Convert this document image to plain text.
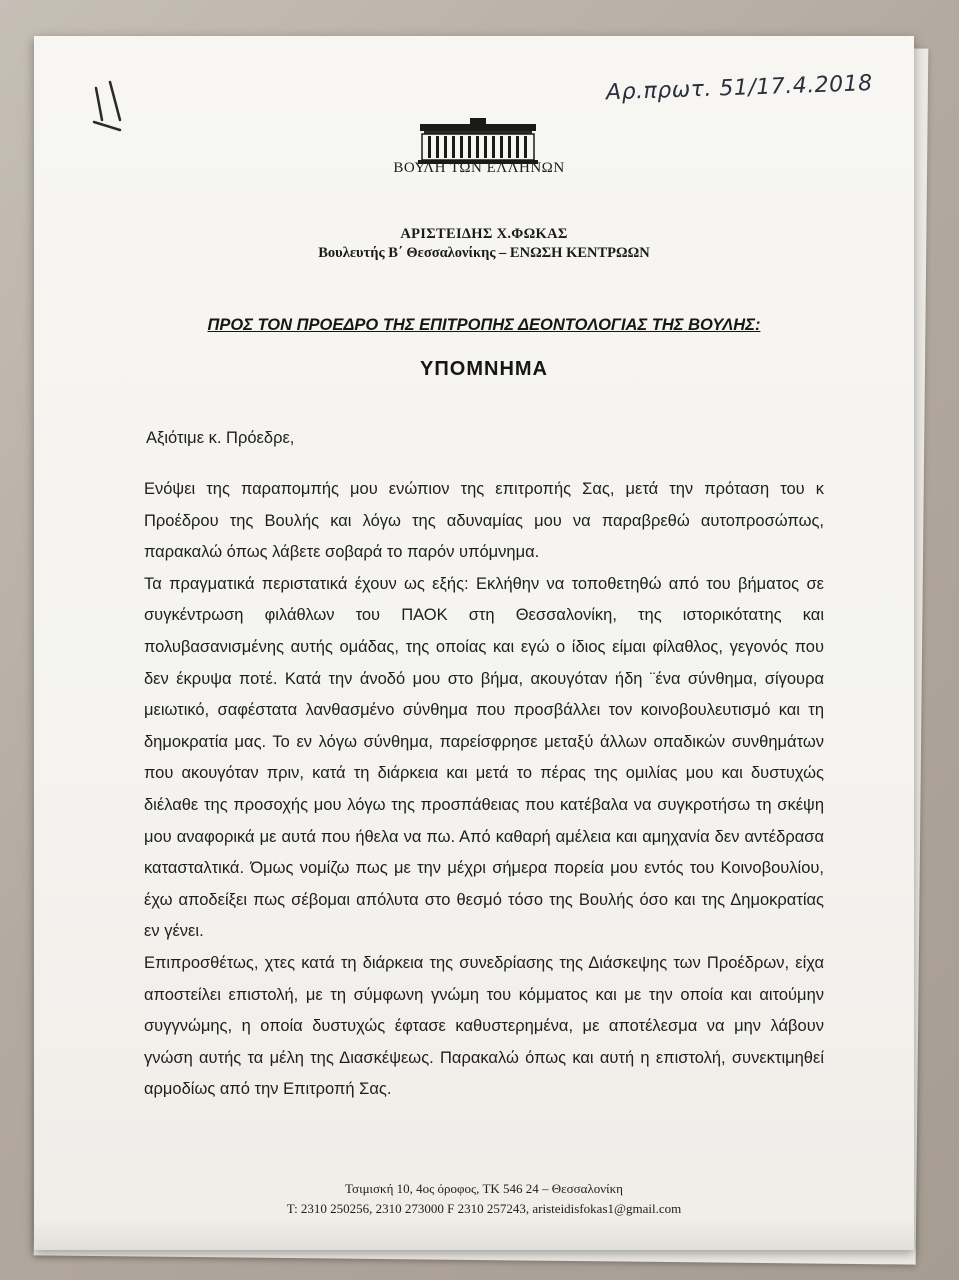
Αρ.πρωτ. 51/17.4.2018
ΒΟΥΛΗ ΤΩΝ ΕΛΛΗΝΩΝ
ΑΡΙΣΤΕΙΔΗΣ Χ.ΦΩΚΑΣ
Βουλευτής Β΄ Θεσσαλονίκης – ΕΝΩΣΗ ΚΕΝΤΡΩΩΝ
ΠΡΟΣ ΤΟΝ ΠΡΟΕΔΡΟ ΤΗΣ ΕΠΙΤΡΟΠΗΣ ΔΕΟΝΤΟΛΟΓΙΑΣ ΤΗΣ ΒΟΥΛΗΣ:
ΥΠΟΜΝΗΜΑ
Αξιότιμε κ. Πρόεδρε,

Ενόψει της παραπομπής μου ενώπιον της επιτροπής Σας, μετά την πρόταση του κ Προέδρου της Βουλής και λόγω της αδυναμίας μου να παραβρεθώ αυτοπροσώπως, παρακαλώ όπως λάβετε σοβαρά το παρόν υπόμνημα.

Τα πραγματικά περιστατικά έχουν ως εξής: Εκλήθην να τοποθετηθώ από του βήματος σε συγκέντρωση φιλάθλων του ΠΑΟΚ στη Θεσσαλονίκη, της ιστορικότατης και πολυβασανισμένης αυτής ομάδας, της οποίας και εγώ ο ίδιος είμαι φίλαθλος, γεγονός που δεν έκρυψα ποτέ. Κατά την άνοδό μου στο βήμα, ακουγόταν ήδη ¨ένα σύνθημα, σίγουρα μειωτικό, σαφέστατα λανθασμένο σύνθημα που προσβάλλει τον κοινοβουλευτισμό και τη δημοκρατία μας. Το εν λόγω σύνθημα, παρείσφρησε μεταξύ άλλων οπαδικών συνθημάτων που ακουγόταν πριν, κατά τη διάρκεια και μετά το πέρας της ομιλίας μου και δυστυχώς διέλαθε της προσοχής μου λόγω της προσπάθειας που κατέβαλα να συγκροτήσω τη σκέψη μου αναφορικά με αυτά που ήθελα να πω. Από καθαρή αμέλεια και αμηχανία δεν αντέδρασα κατασταλτικά. Όμως νομίζω πως με την μέχρι σήμερα πορεία μου εντός του Κοινοβουλίου, έχω αποδείξει πως σέβομαι απόλυτα στο θεσμό τόσο της Βουλής όσο και της Δημοκρατίας εν γένει.

Επιπροσθέτως, χτες κατά τη διάρκεια της συνεδρίασης της Διάσκεψης των Προέδρων, είχα αποστείλει επιστολή, με τη σύμφωνη γνώμη του κόμματος και με την οποία και αιτούμην συγγνώμης, η οποία δυστυχώς έφτασε καθυστερημένα, με αποτέλεσμα να μην λάβουν γνώση αυτής τα μέλη της Διασκέψεως. Παρακαλώ όπως και αυτή η επιστολή, συνεκτιμηθεί αρμοδίως από την Επιτροπή Σας.

Τσιμισκή 10, 4ος όροφος, ΤΚ 546 24 – Θεσσαλονίκη
T: 2310 250256, 2310 273000 F 2310 257243, aristeidisfokas1@gmail.com
